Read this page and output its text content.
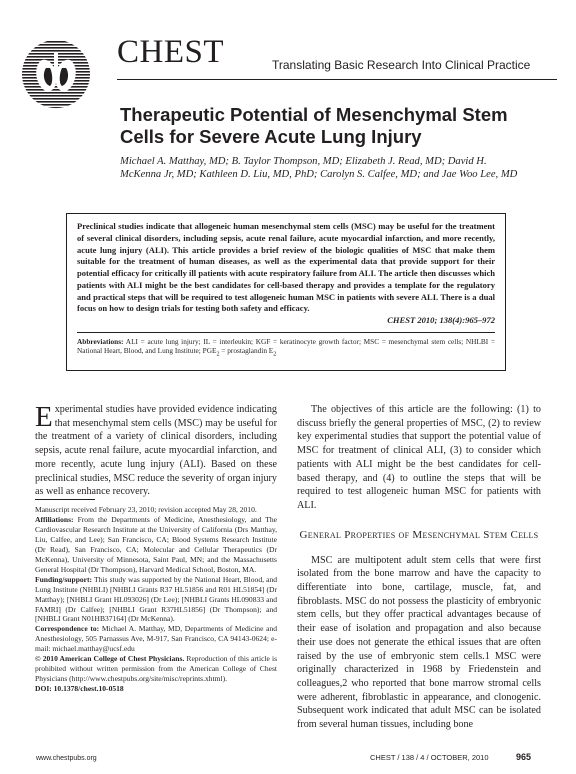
CHEST	Translating Basic Research Into Clinical Practice
Therapeutic Potential of Mesenchymal Stem Cells for Severe Acute Lung Injury
Michael A. Matthay, MD; B. Taylor Thompson, MD; Elizabeth J. Read, MD; David H. McKenna Jr, MD; Kathleen D. Liu, MD, PhD; Carolyn S. Calfee, MD; and Jae Woo Lee, MD
Preclinical studies indicate that allogeneic human mesenchymal stem cells (MSC) may be useful for the treatment of several clinical disorders, including sepsis, acute renal failure, acute myocardial infarction, and more recently, acute lung injury (ALI). This article provides a brief review of the biologic qualities of MSC that make them suitable for the treatment of human diseases, as well as the experimental data that provide support for their potential efficacy for critically ill patients with acute respiratory failure from ALI. The article then discusses which patients with ALI might be the best candidates for cell-based therapy and provides a template for the regulatory and practical steps that will be required to test allogeneic human MSC in patients with severe ALI. There is a dual focus on how to design trials for testing both safety and efficacy.
CHEST 2010; 138(4):965–972
Abbreviations: ALI = acute lung injury; IL = interleukin; KGF = keratinocyte growth factor; MSC = mesenchymal stem cells; NHLBI = National Heart, Blood, and Lung Institute; $PGE_2$ = prostaglandin $E_2$
Experimental studies have provided evidence indicating that mesenchymal stem cells (MSC) may be useful for the treatment of a variety of clinical disorders, including sepsis, acute renal failure, acute myocardial infarction, and more recently, acute lung injury (ALI). Based on these preclinical studies, MSC reduce the severity of organ injury as well as enhance recovery.

Manuscript received February 23, 2010; revision accepted May 28, 2010.

Affiliations: From the Departments of Medicine, Anesthesiology, and The Cardiovascular Research Institute at the University of California (Drs Matthay, Liu, Calfee, and Lee); San Francisco, CA; Blood Systems Research Institute (Dr Read), San Francisco, CA; Molecular and Cellular Therapeutics (Dr McKenna), University of Minnesota, Saint Paul, MN; and the Massachusetts General Hospital (Dr Thompson), Harvard Medical School, Boston, MA.

Funding/support: This study was supported by the National Heart, Blood, and Lung Institute (NHBLI) [NHBLI Grants R37 HL51856 and R01 HL51854] (Dr Matthay); [NHBLI Grant HL093026] (Dr Lee); [NHBLI Grants HL090833 and FAMRI] (Dr Calfee); [NHBLI Grant R37HL51856] (Dr Thompson); and [NHBLI Grant N01HB37164] (Dr McKenna).

Correspondence to: Michael A. Matthay, MD, Departments of Medicine and Anesthesiology, 505 Parnassus Ave, M-917, San Francisco, CA 94143-0624; e-mail: michael.matthay@ucsf.edu

© 2010 American College of Chest Physicians. Reproduction of this article is prohibited without written permission from the American College of Chest Physicians (http://www.chestpubs.org/site/misc/reprints.xhtml).

DOI: 10.1378/chest.10-0518

The objectives of this article are the following: (1) to discuss briefly the general properties of MSC, (2) to review key experimental studies that support the potential value of MSC for treatment of clinical ALI, (3) to consider which patients with ALI might be the best candidates for cell-based therapy, and (4) to outline the steps that will be required to test allogeneic human MSC for patients with ALI.

General Properties of Mesenchymal Stem Cells

MSC are multipotent adult stem cells that were first isolated from the bone marrow and have the capacity to differentiate into bone, cartilage, muscle, fat, and fibroblasts. MSC do not possess the plasticity of embryonic stem cells, but they offer practical advantages because of their ease of isolation and propagation and also because their use does not generate the ethical issues that are often raised by the use of embryonic stem cells.1 MSC were originally characterized in 1968 by Friedenstein and colleagues,2 who reported that bone marrow stromal cells were adherent, fibroblastic in appearance, and clonogenic. Subsequent work indicated that adult MSC can be isolated from several human tissues, including bone

www.chestpubs.org	CHEST / 138 / 4 / OCTOBER, 2010	965
